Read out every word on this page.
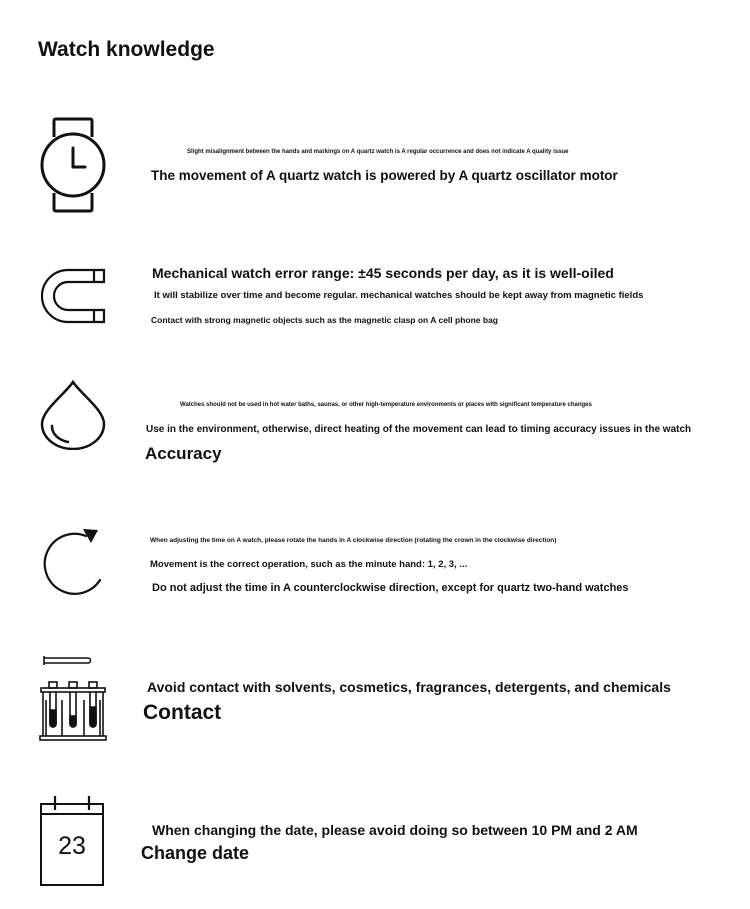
Watch knowledge
Slight misalignment between the hands and markings on A quartz watch is A regular occurrence and does not indicate A quality issue
The movement of A quartz watch is powered by A quartz oscillator motor
Mechanical watch error range: ±45 seconds per day, as it is well-oiled
It will stabilize over time and become regular. mechanical watches should be kept away from magnetic fields
Contact with strong magnetic objects such as the magnetic clasp on A cell phone bag
Watches should not be used in hot water baths, saunas, or other high-temperature environments or places with significant temperature changes
Use in the environment, otherwise, direct heating of the movement can lead to timing accuracy issues in the watch
Accuracy
When adjusting the time on A watch, please rotate the hands in A clockwise direction (rotating the crown in the clockwise direction)
Movement is the correct operation, such as the minute hand: 1, 2, 3, ...
Do not adjust the time in A counterclockwise direction, except for quartz two-hand watches
Avoid contact with solvents, cosmetics, fragrances, detergents, and chemicals
Contact
23
When changing the date, please avoid doing so between 10 PM and 2 AM
Change date
